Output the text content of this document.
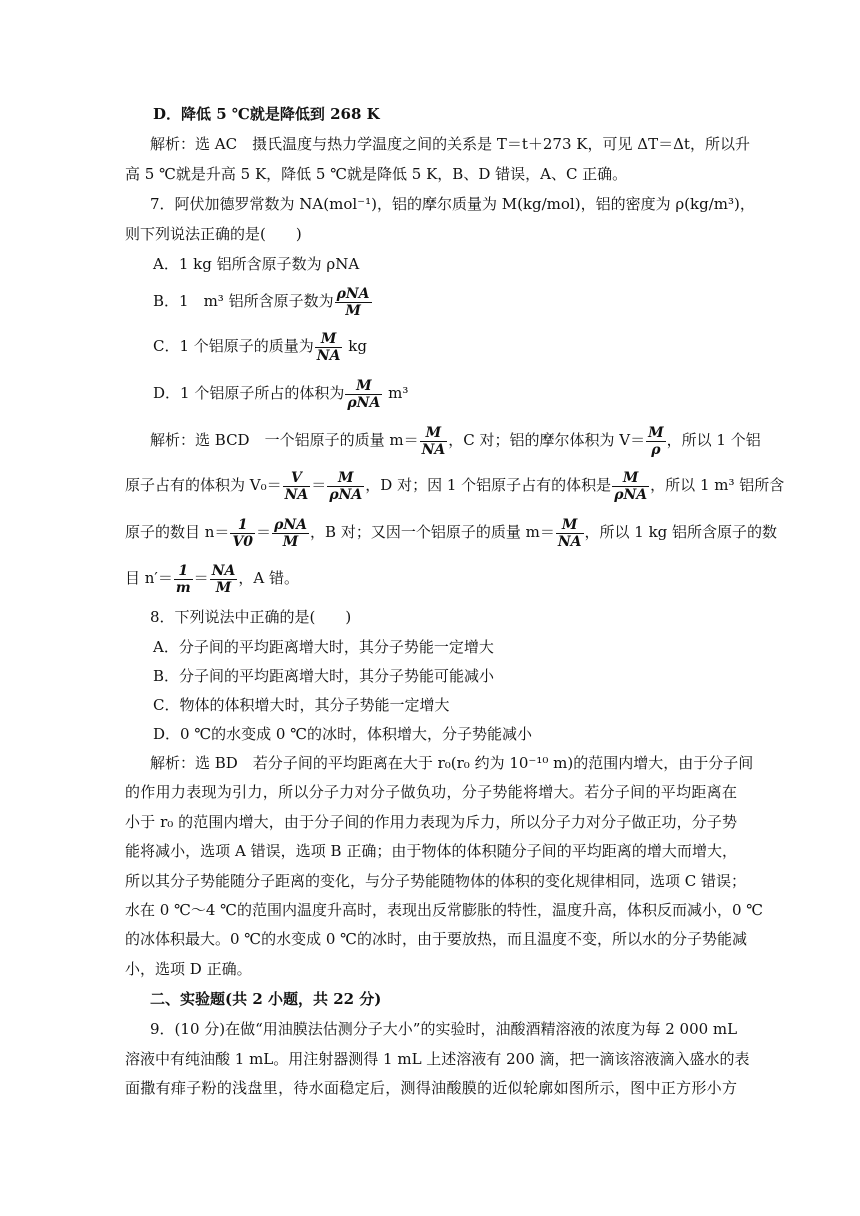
D．降低 5 ℃就是降低到 268 K
解析：选 AC　摄氏温度与热力学温度之间的关系是 T＝t＋273 K，可见 ΔT＝Δt，所以升
高 5 ℃就是升高 5 K，降低 5 ℃就是降低 5 K，B、D 错误，A、C 正确。
7．阿伏加德罗常数为 NA(mol⁻¹)，铝的摩尔质量为 M(kg/mol)，铝的密度为 ρ(kg/m³)，
则下列说法正确的是(　　)
A．1 kg 铝所含原子数为 ρNA
B．1　m³ 铝所含原子数为 $\frac{\text{ρNA}}{M}$
C．1 个铝原子的质量为 $\frac{M}{NA}$ kg
D．1 个铝原子所占的体积为 $\frac{M}{\text{ρNA}} m^3$
解析：选 BCD　一个铝原子的质量 $m= \frac{M}{NA}$ ，C 对；铝的摩尔体积为 $V= \frac{M}{\rho}$ ，所以 1 个铝
原子占有的体积为 $V_0= \frac{V}{NA} = \frac{M}{\text{ρNA}}$ ，D 对；因 1 个铝原子占有的体积是 $\frac{M}{\text{ρNA}}$ ，所以 1 m³ 铝所含
原子的数目 $n= \frac{1}{V0} = \frac{\text{ρNA}}{M}$ ，B 对；又因一个铝原子的质量 $m= \frac{M}{NA}$ ，所以 1 kg 铝所含原子的数
目 $n'= \frac{1}{m} = \frac{NA}{M}$ ，A 错。
8．下列说法中正确的是(　　)
A．分子间的平均距离增大时，其分子势能一定增大
B．分子间的平均距离增大时，其分子势能可能减小
C．物体的体积增大时，其分子势能一定增大
D．0 ℃的水变成 0 ℃的冰时，体积增大，分子势能减小
解析：选 BD　若分子间的平均距离在大于 r₀(r₀ 约为 10⁻¹⁰ m)的范围内增大，由于分子间
的作用力表现为引力，所以分子力对分子做负功，分子势能将增大。若分子间的平均距离在
小于 r₀ 的范围内增大，由于分子间的作用力表现为斥力，所以分子力对分子做正功，分子势
能将减小，选项 A 错误，选项 B 正确；由于物体的体积随分子间的平均距离的增大而增大，
所以其分子势能随分子距离的变化，与分子势能随物体的体积的变化规律相同，选项 C 错误；
水在 0 ℃～4 ℃的范围内温度升高时，表现出反常膨胀的特性，温度升高，体积反而减小，0 ℃
的冰体积最大。0 ℃的水变成 0 ℃的冰时，由于要放热，而且温度不变，所以水的分子势能减
小，选项 D 正确。
二、实验题(共 2 小题，共 22 分)
9．(10 分)在做“用油膜法估测分子大小”的实验时，油酸酒精溶液的浓度为每 2 000 mL
溶液中有纯油酸 1 mL。用注射器测得 1 mL 上述溶液有 200 滴，把一滴该溶液滴入盛水的表
面撒有痱子粉的浅盘里，待水面稳定后，测得油酸膜的近似轮廓如图所示，图中正方形小方
